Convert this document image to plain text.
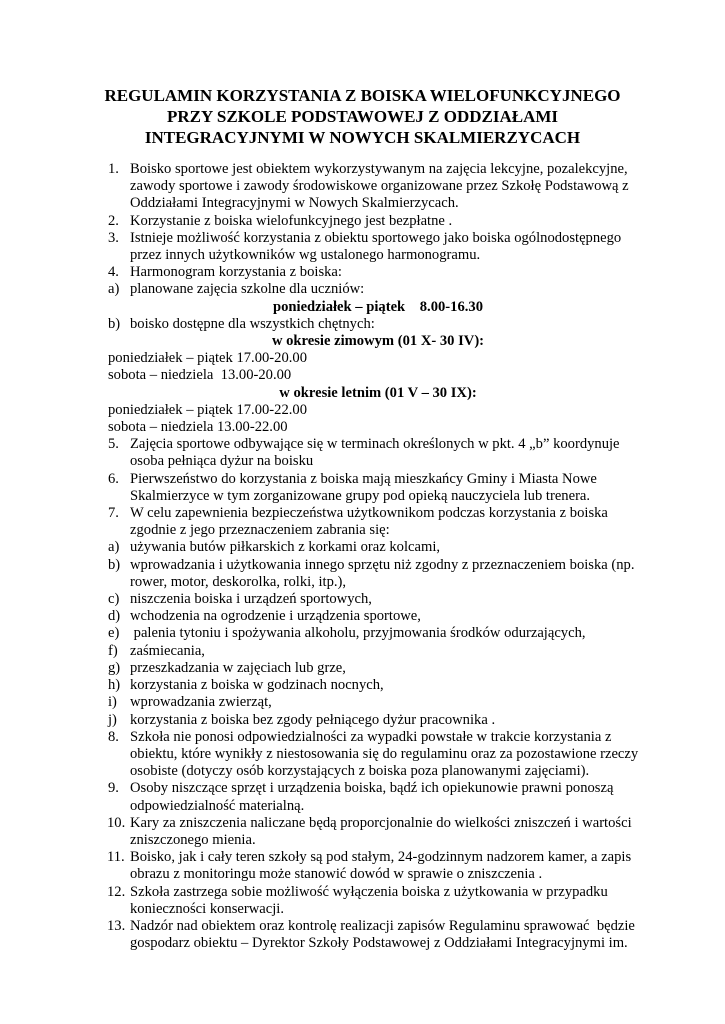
REGULAMIN KORZYSTANIA Z BOISKA WIELOFUNKCYJNEGO
PRZY SZKOLE PODSTAWOWEJ Z ODDZIAŁAMI
INTEGRACYJNYMI W NOWYCH SKALMIERZYCACH
1. Boisko sportowe jest obiektem wykorzystywanym na zajęcia lekcyjne, pozalekcyjne, zawody sportowe i zawody środowiskowe organizowane przez Szkołę Podstawową z Oddziałami Integracyjnymi w Nowych Skalmierzycach.
2. Korzystanie z boiska wielofunkcyjnego jest bezpłatne .
3. Istnieje możliwość korzystania z obiektu sportowego jako boiska ogólnodostępnego przez innych użytkowników wg ustalonego harmonogramu.
4. Harmonogram korzystania z boiska:
a) planowane zajęcia szkolne dla uczniów:
poniedziałek – piątek    8.00-16.30
b) boisko dostępne dla wszystkich chętnych:
w okresie zimowym (01 X- 30 IV):
poniedziałek – piątek 17.00-20.00
sobota – niedziela  13.00-20.00
w okresie letnim (01 V – 30 IX):
poniedziałek – piątek 17.00-22.00
sobota – niedziela 13.00-22.00
5. Zajęcia sportowe odbywające się w terminach określonych w pkt. 4 „b” koordynuje osoba pełniąca dyżur na boisku
6. Pierwszeństwo do korzystania z boiska mają mieszkańcy Gminy i Miasta Nowe Skalmierzyce w tym zorganizowane grupy pod opieką nauczyciela lub trenera.
7. W celu zapewnienia bezpieczeństwa użytkownikom podczas korzystania z boiska zgodnie z jego przeznaczeniem zabrania się:
a) używania butów piłkarskich z korkami oraz kolcami,
b) wprowadzania i użytkowania innego sprzętu niż zgodny z przeznaczeniem boiska (np. rower, motor, deskorolka, rolki, itp.),
c) niszczenia boiska i urządzeń sportowych,
d) wchodzenia na ogrodzenie i urządzenia sportowe,
e) palenia tytoniu i spożywania alkoholu, przyjmowania środków odurzających,
f) zaśmiecania,
g) przeszkadzania w zajęciach lub grze,
h) korzystania z boiska w godzinach nocnych,
i) wprowadzania zwierząt,
j) korzystania z boiska bez zgody pełniącego dyżur pracownika .
8. Szkoła nie ponosi odpowiedzialności za wypadki powstałe w trakcie korzystania z obiektu, które wynikły z niestosowania się do regulaminu oraz za pozostawione rzeczy osobiste (dotyczy osób korzystających z boiska poza planowanymi zajęciami).
9. Osoby niszczące sprzęt i urządzenia boiska, bądź ich opiekunowie prawni ponoszą odpowiedzialność materialną.
10. Kary za zniszczenia naliczane będą proporcjonalnie do wielkości zniszczeń i wartości zniszczonego mienia.
11. Boisko, jak i cały teren szkoły są pod stałym, 24-godzinnym nadzorem kamer, a zapis obrazu z monitoringu może stanowić dowód w sprawie o zniszczenia .
12. Szkoła zastrzega sobie możliwość wyłączenia boiska z użytkowania w przypadku konieczności konserwacji.
13. Nadzór nad obiektem oraz kontrolę realizacji zapisów Regulaminu sprawować  będzie gospodarz obiektu – Dyrektor Szkoły Podstawowej z Oddziałami Integracyjnymi im.
